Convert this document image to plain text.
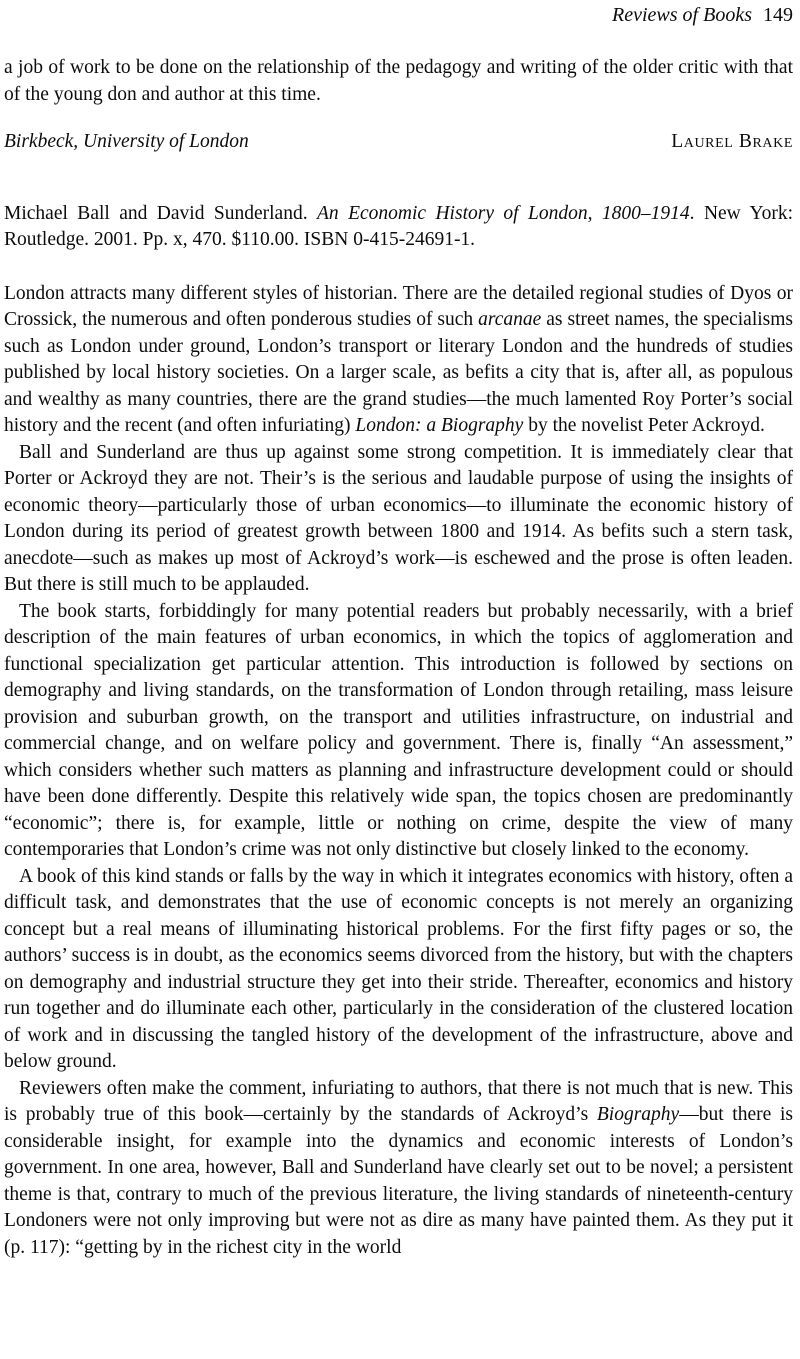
Reviews of Books 149

a job of work to be done on the relationship of the pedagogy and writing of the older critic with that of the young don and author at this time.

Birkbeck, University of London	Laurel Brake

Michael Ball and David Sunderland. An Economic History of London, 1800–1914. New York: Routledge. 2001. Pp. x, 470. $110.00. ISBN 0-415-24691-1.

London attracts many different styles of historian. There are the detailed regional studies of Dyos or Crossick, the numerous and often ponderous studies of such arcanae as street names, the specialisms such as London under ground, London’s transport or literary London and the hundreds of studies published by local history societies. On a larger scale, as befits a city that is, after all, as populous and wealthy as many countries, there are the grand studies—the much lamented Roy Porter’s social history and the recent (and often infuriating) London: a Biography by the novelist Peter Ackroyd.

Ball and Sunderland are thus up against some strong competition. It is immediately clear that Porter or Ackroyd they are not. Their’s is the serious and laudable purpose of using the insights of economic theory—particularly those of urban economics—to illuminate the economic history of London during its period of greatest growth between 1800 and 1914. As befits such a stern task, anecdote—such as makes up most of Ackroyd’s work—is eschewed and the prose is often leaden. But there is still much to be applauded.

The book starts, forbiddingly for many potential readers but probably necessarily, with a brief description of the main features of urban economics, in which the topics of agglomeration and functional specialization get particular attention. This introduction is followed by sections on demography and living standards, on the transformation of London through retailing, mass leisure provision and suburban growth, on the transport and utilities infrastructure, on industrial and commercial change, and on welfare policy and government. There is, finally “An assessment,” which considers whether such matters as planning and infrastructure development could or should have been done differently. Despite this relatively wide span, the topics chosen are predominantly “economic”; there is, for example, little or nothing on crime, despite the view of many contemporaries that London’s crime was not only distinctive but closely linked to the economy.

A book of this kind stands or falls by the way in which it integrates economics with history, often a difficult task, and demonstrates that the use of economic concepts is not merely an organizing concept but a real means of illuminating historical problems. For the first fifty pages or so, the authors’ success is in doubt, as the economics seems divorced from the history, but with the chapters on demography and industrial structure they get into their stride. Thereafter, economics and history run together and do illuminate each other, particularly in the consideration of the clustered location of work and in discussing the tangled history of the development of the infrastructure, above and below ground.

Reviewers often make the comment, infuriating to authors, that there is not much that is new. This is probably true of this book—certainly by the standards of Ackroyd’s Biography—but there is considerable insight, for example into the dynamics and economic interests of London’s government. In one area, however, Ball and Sunderland have clearly set out to be novel; a persistent theme is that, contrary to much of the previous literature, the living standards of nineteenth-century Londoners were not only improving but were not as dire as many have painted them. As they put it (p. 117): “getting by in the richest city in the world
